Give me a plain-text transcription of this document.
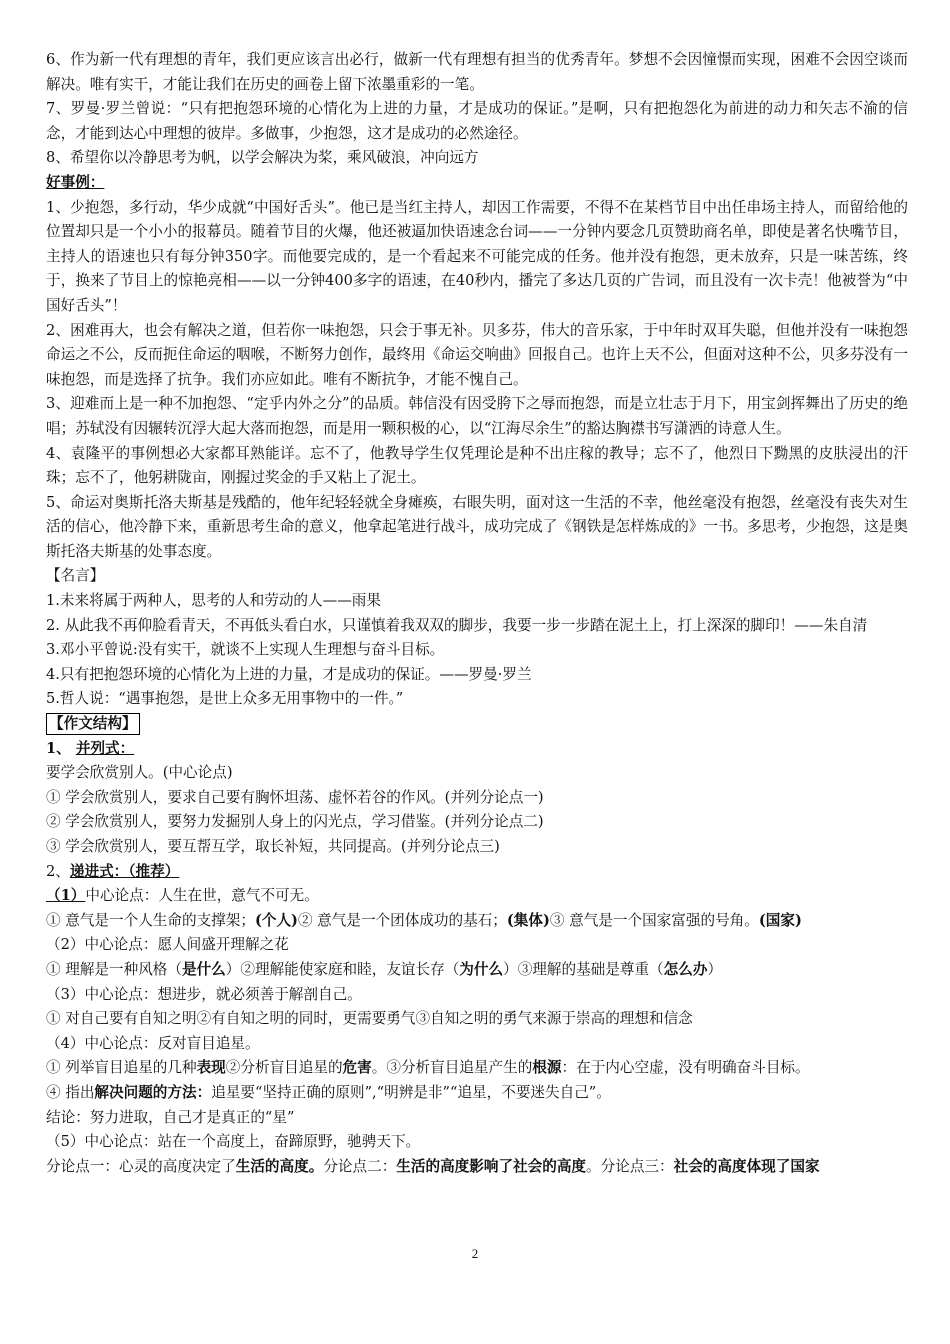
6、作为新一代有理想的青年，我们更应该言出必行，做新一代有理想有担当的优秀青年。梦想不会因憧憬而实现，困难不会因空谈而解决。唯有实干，才能让我们在历史的画卷上留下浓墨重彩的一笔。

7、罗曼·罗兰曾说：“只有把抱怨环境的心情化为上进的力量，才是成功的保证。”是啊，只有把抱怨化为前进的动力和矢志不渝的信念，才能到达心中理想的彼岸。多做事，少抱怨，这才是成功的必然途径。

8、希望你以冷静思考为帆，以学会解决为桨，乘风破浪，冲向远方

好事例：

1、少抱怨，多行动，华少成就“中国好舌头”。他已是当红主持人，却因工作需要，不得不在某档节目中出任串场主持人，而留给他的位置却只是一个小小的报幕员。随着节目的火爆，他还被逼加快语速念台词——一分钟内要念几页赞助商名单，即使是著名快嘴节目，主持人的语速也只有每分钟350字。而他要完成的，是一个看起来不可能完成的任务。他并没有抱怨，更未放弃，只是一味苦练，终于，换来了节目上的惊艳亮相——以一分钟400多字的语速，在40秒内，播完了多达几页的广告词，而且没有一次卡壳！他被誉为“中国好舌头”！

2、困难再大，也会有解决之道，但若你一味抱怨，只会于事无补。贝多芬，伟大的音乐家，于中年时双耳失聪，但他并没有一味抱怨命运之不公，反而扼住命运的咽喉，不断努力创作，最终用《命运交响曲》回报自己。也许上天不公，但面对这种不公，贝多芬没有一味抱怨，而是选择了抗争。我们亦应如此。唯有不断抗争，才能不愧自己。

3、迎难而上是一种不加抱怨、“定乎内外之分”的品质。韩信没有因受胯下之辱而抱怨，而是立壮志于月下，用宝剑挥舞出了历史的绝唱；苏轼没有因辗转沉浮大起大落而抱怨，而是用一颗积极的心，以“江海尽余生”的豁达胸襟书写潇洒的诗意人生。

4、袁隆平的事例想必大家都耳熟能详。忘不了，他教导学生仅凭理论是种不出庄稼的教导；忘不了，他烈日下黝黑的皮肤浸出的汗珠；忘不了，他躬耕陇亩，刚握过奖金的手又粘上了泥土。

5、命运对奥斯托洛夫斯基是残酷的，他年纪轻轻就全身瘫痪，右眼失明，面对这一生活的不幸，他丝毫没有抱怨，丝毫没有丧失对生活的信心，他冷静下来，重新思考生命的意义，他拿起笔进行战斗，成功完成了《钢铁是怎样炼成的》一书。多思考，少抱怨，这是奥斯托洛夫斯基的处事态度。

【名言】

1.未来将属于两种人，思考的人和劳动的人——雨果

2. 从此我不再仰脸看青天，不再低头看白水，只谨慎着我双双的脚步，我要一步一步踏在泥土上，打上深深的脚印！——朱自清

3.邓小平曾说:没有实干，就谈不上实现人生理想与奋斗目标。

4.只有把抱怨环境的心情化为上进的力量，才是成功的保证。——罗曼·罗兰

5.哲人说：“遇事抱怨，是世上众多无用事物中的一件。”

【作文结构】

1、 并列式：

要学会欣赏别人。(中心论点)

① 学会欣赏别人，要求自己要有胸怀坦荡、虚怀若谷的作风。(并列分论点一)

② 学会欣赏别人，要努力发掘别人身上的闪光点，学习借鉴。(并列分论点二)

③ 学会欣赏别人，要互帮互学，取长补短，共同提高。(并列分论点三)

2、递进式：（推荐）

（1）中心论点：人生在世，意气不可无。

① 意气是一个人生命的支撑架；(个人)② 意气是一个团体成功的基石；(集体)③ 意气是一个国家富强的号角。(国家)

（2）中心论点：愿人间盛开理解之花

① 理解是一种风格（是什么）②理解能使家庭和睦，友谊长存（为什么）③理解的基础是尊重（怎么办）

（3）中心论点：想进步，就必须善于解剖自己。

① 对自己要有自知之明②有自知之明的同时，更需要勇气③自知之明的勇气来源于崇高的理想和信念

（4）中心论点：反对盲目追星。

① 列举盲目追星的几种表现②分析盲目追星的危害。③分析盲目追星产生的根源：在于内心空虚，没有明确奋斗目标。

④ 指出解决问题的方法：追星要“坚持正确的原则”,“明辨是非”“追星，不要迷失自己”。

结论：努力进取，自己才是真正的“星”

（5）中心论点：站在一个高度上，奋蹄原野，驰骋天下。

分论点一：心灵的高度决定了生活的高度。分论点二：生活的高度影响了社会的高度。分论点三：社会的高度体现了国家

2
